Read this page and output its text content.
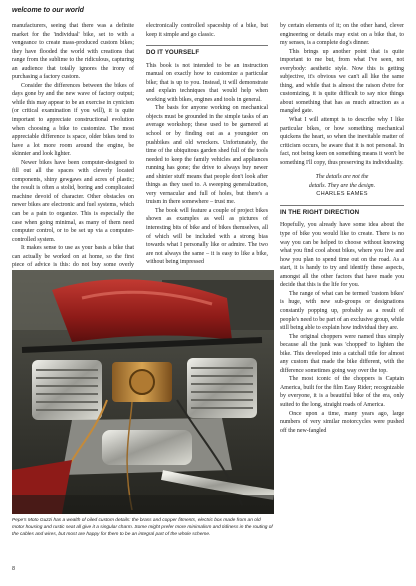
welcome to our world

manufacturers, seeing that there was a definite market for the 'individual' bike, set to with a vengeance to create mass-produced custom bikes; they have flooded the world with creations that range from the sublime to the ridiculous, capturing an audience that totally ignores the irony of purchasing a factory custom.

Consider the differences between the bikes of days gone by and the new wave of factory output; while this may appear to be an exercise in cynicism (or critical examination if you will), it is quite important to appreciate constructional evolution when choosing a bike to customize. The most appreciable difference is space, older bikes tend to have a lot more room around the engine, be skinnier and look lighter.

Newer bikes have been computer-designed to fill out all the spaces with cleverly located components, shiny gewgaws and acres of plastic; the result is often a stolid, boring and complicated machine devoid of character. Other obstacles on newer bikes are electronic and fuel systems, which can be a pain to organize. This is especially the case when going minimal, as many of them need computer control, or to be set up via a computer-controlled system.

It makes sense to use as your basis a bike that can actually be worked on at home, so the first piece of advice is this: do not buy some overly

electronically controlled spaceship of a bike, but keep it simple and go classic.

DO IT YOURSELF

This book is not intended to be an instruction manual on exactly how to customize a particular bike; that is up to you. Instead, it will demonstrate and explain techniques that would help when working with bikes, engines and tools in general.

The basis for anyone working on mechanical objects must be grounded in the simple tasks of an average workshop; these used to be garnered at school or by finding out as a youngster on pushbikes and old wreckers. Unfortunately, the time of the ubiquitous garden shed full of the tools needed to keep the family vehicles and appliances running has gone; the drive to always buy newer and shinier stuff means that people don't look after things as they used to. A sweeping generalization, very vernacular and full of holes, but there's a truism in there somewhere – trust me.

The book will feature a couple of project bikes shown as examples as well as pictures of interesting bits of bike and of bikes themselves, all of which will be included with a strong bias towards what I personally like or admire. The two are not always the same – it is easy to like a bike, without being impressed

by certain elements of it; on the other hand, clever engineering or details may exist on a bike that, to my senses, is a complete dog's dinner.

This brings up another point that is quite important to me but, from what I've seen, not everybody: aesthetic style. Now this is getting subjective, it's obvious we can't all like the same thing, and while that is almost the raison d'etre for customizing, it is quite difficult to say nice things about something that has as much attraction as a mangled gate.

What I will attempt is to describe why I like particular bikes, or how something mechanical quickens the heart, so when the inevitable matter of criticism occurs, be aware that it is not personal. In fact, not being keen on something means it won't be something I'll copy, thus preserving its individuality.

The details are not the
details. They are the design.
CHARLES EAMES
IN THE RIGHT DIRECTION

Hopefully, you already have some idea about the type of bike you would like to create. There is no way you can be helped to choose without knowing what you find cool about bikes, where you live and how you plan to spend time out on the road. As a start, it is handy to try and identify these aspects, amongst all the other factors that have made you decide that this is the life for you.

The range of what can be termed 'custom bikes' is huge, with new sub-groups or designations constantly popping up, probably as a result of people's need to be part of an exclusive group, while still being able to explain how individual they are.

The original choppers were named thus simply because all the junk was 'chopped' to lighten the bike. This developed into a catchall title for almost any custom that made the bike different, with the difference sometimes going way over the top.

The most iconic of the choppers is Captain America, built for the film Easy Rider; recognizable by everyone, it is a beautiful bike of the era, only suited to the long, straight roads of America.

Once upon a time, many years ago, large numbers of very similar motorcycles were pushed off the new-fangled

Pepe's Moto Guzzi has a wealth of oiled custom details: the brass and copper fitments, electric box made from an old motor housing and rustic seat all give it a singular charm. Some might prefer more minimalism and tidiness in the routing of the cables and wires, but most are happy for them to be an integral part of the whole scheme.
8
